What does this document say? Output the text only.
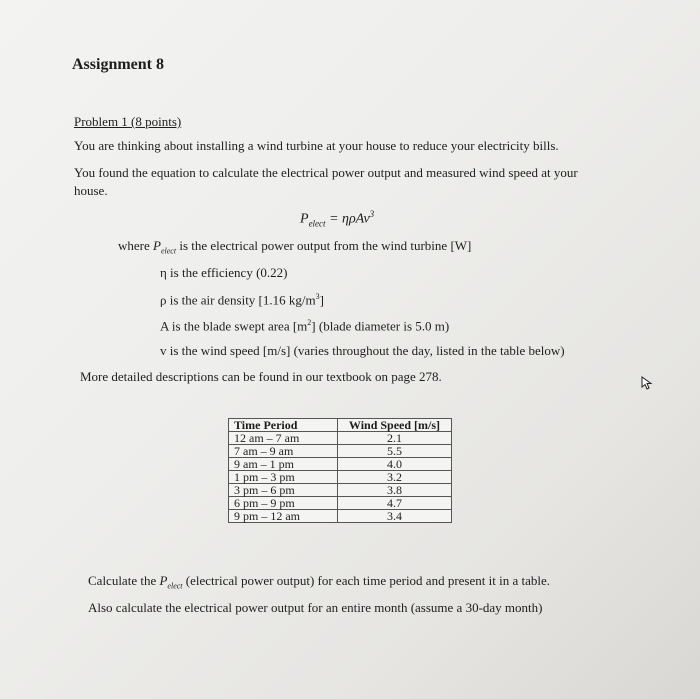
Assignment 8
Problem 1 (8 points)
You are thinking about installing a wind turbine at your house to reduce your electricity bills.
You found the equation to calculate the electrical power output and measured wind speed at your
house.
$P_{elect} = \eta\rho Av^3$
where $P_{elect}$ is the electrical power output from the wind turbine [W]
η is the efficiency (0.22)
ρ is the air density [1.16 $kg/m^3$]
A is the blade swept area $[m^2]$ (blade diameter is 5.0 m)
v is the wind speed [m/s] (varies throughout the day, listed in the table below)
More detailed descriptions can be found in our textbook on page 278.
Time Period	Wind Speed [m/s]
12 am – 7 am	2.1
7 am – 9 am	5.5
9 am – 1 pm	4.0
1 pm – 3 pm	3.2
3 pm – 6 pm	3.8
6 pm – 9 pm	4.7
9 pm – 12 am	3.4
Calculate the $P_{elect}$ (electrical power output) for each time period and present it in a table.
Also calculate the electrical power output for an entire month (assume a 30-day month)
